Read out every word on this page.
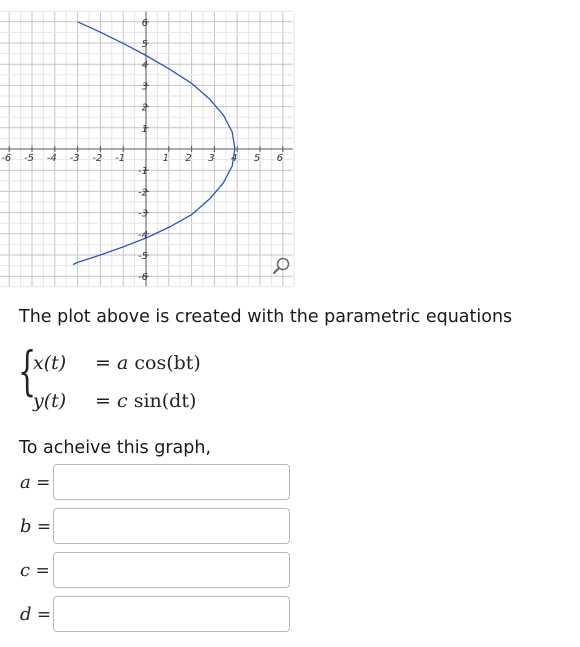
-6 -5 -4 -3 -2 -1	1 2 3 4 5 6
-6
-5
-4
-3
-2
-1
1
2
3
4
5
6
The plot above is created with the parametric equations
{
x(t) = a cos(bt)
y(t) = c sin(dt)
To acheive this graph,
a =
b =
c =
d =
